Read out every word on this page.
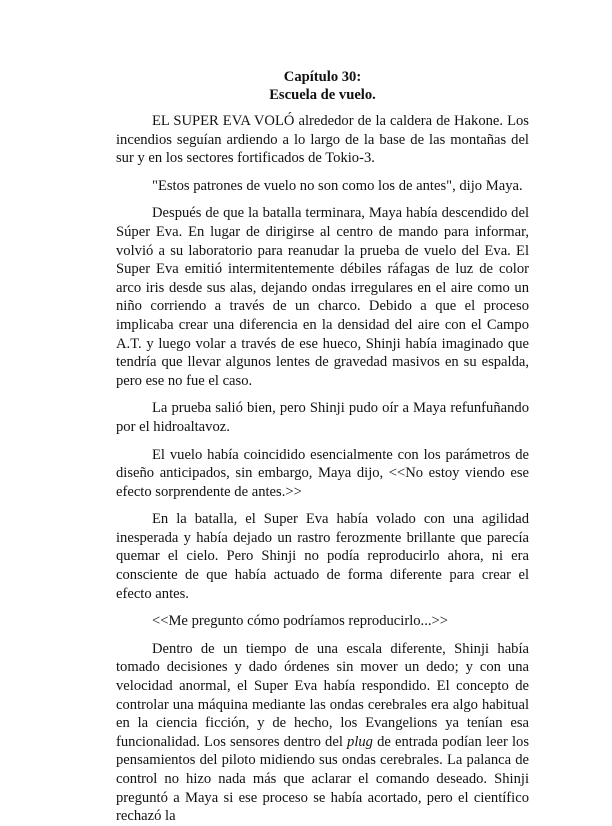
Capítulo 30:
Escuela de vuelo.

EL SUPER EVA VOLÓ alrededor de la caldera de Hakone. Los incendios seguían ardiendo a lo largo de la base de las montañas del sur y en los sectores fortificados de Tokio-3.

"Estos patrones de vuelo no son como los de antes", dijo Maya.

Después de que la batalla terminara, Maya había descendido del Súper Eva. En lugar de dirigirse al centro de mando para informar, volvió a su laboratorio para reanudar la prueba de vuelo del Eva. El Super Eva emitió intermitentemente débiles ráfagas de luz de color arco iris desde sus alas, dejando ondas irregulares en el aire como un niño corriendo a través de un charco. Debido a que el proceso implicaba crear una diferencia en la densidad del aire con el Campo A.T. y luego volar a través de ese hueco, Shinji había imaginado que tendría que llevar algunos lentes de gravedad masivos en su espalda, pero ese no fue el caso.

La prueba salió bien, pero Shinji pudo oír a Maya refunfuñando por el hidroaltavoz.

El vuelo había coincidido esencialmente con los parámetros de diseño anticipados, sin embargo, Maya dijo, <<No estoy viendo ese efecto sorprendente de antes.>>

En la batalla, el Super Eva había volado con una agilidad inesperada y había dejado un rastro ferozmente brillante que parecía quemar el cielo. Pero Shinji no podía reproducirlo ahora, ni era consciente de que había actuado de forma diferente para crear el efecto antes.

<<Me pregunto cómo podríamos reproducirlo...>>

Dentro de un tiempo de una escala diferente, Shinji había tomado decisiones y dado órdenes sin mover un dedo; y con una velocidad anormal, el Super Eva había respondido. El concepto de controlar una máquina mediante las ondas cerebrales era algo habitual en la ciencia ficción, y de hecho, los Evangelions ya tenían esa funcionalidad. Los sensores dentro del plug de entrada podían leer los pensamientos del piloto midiendo sus ondas cerebrales. La palanca de control no hizo nada más que aclarar el comando deseado. Shinji preguntó a Maya si ese proceso se había acortado, pero el científico rechazó la
